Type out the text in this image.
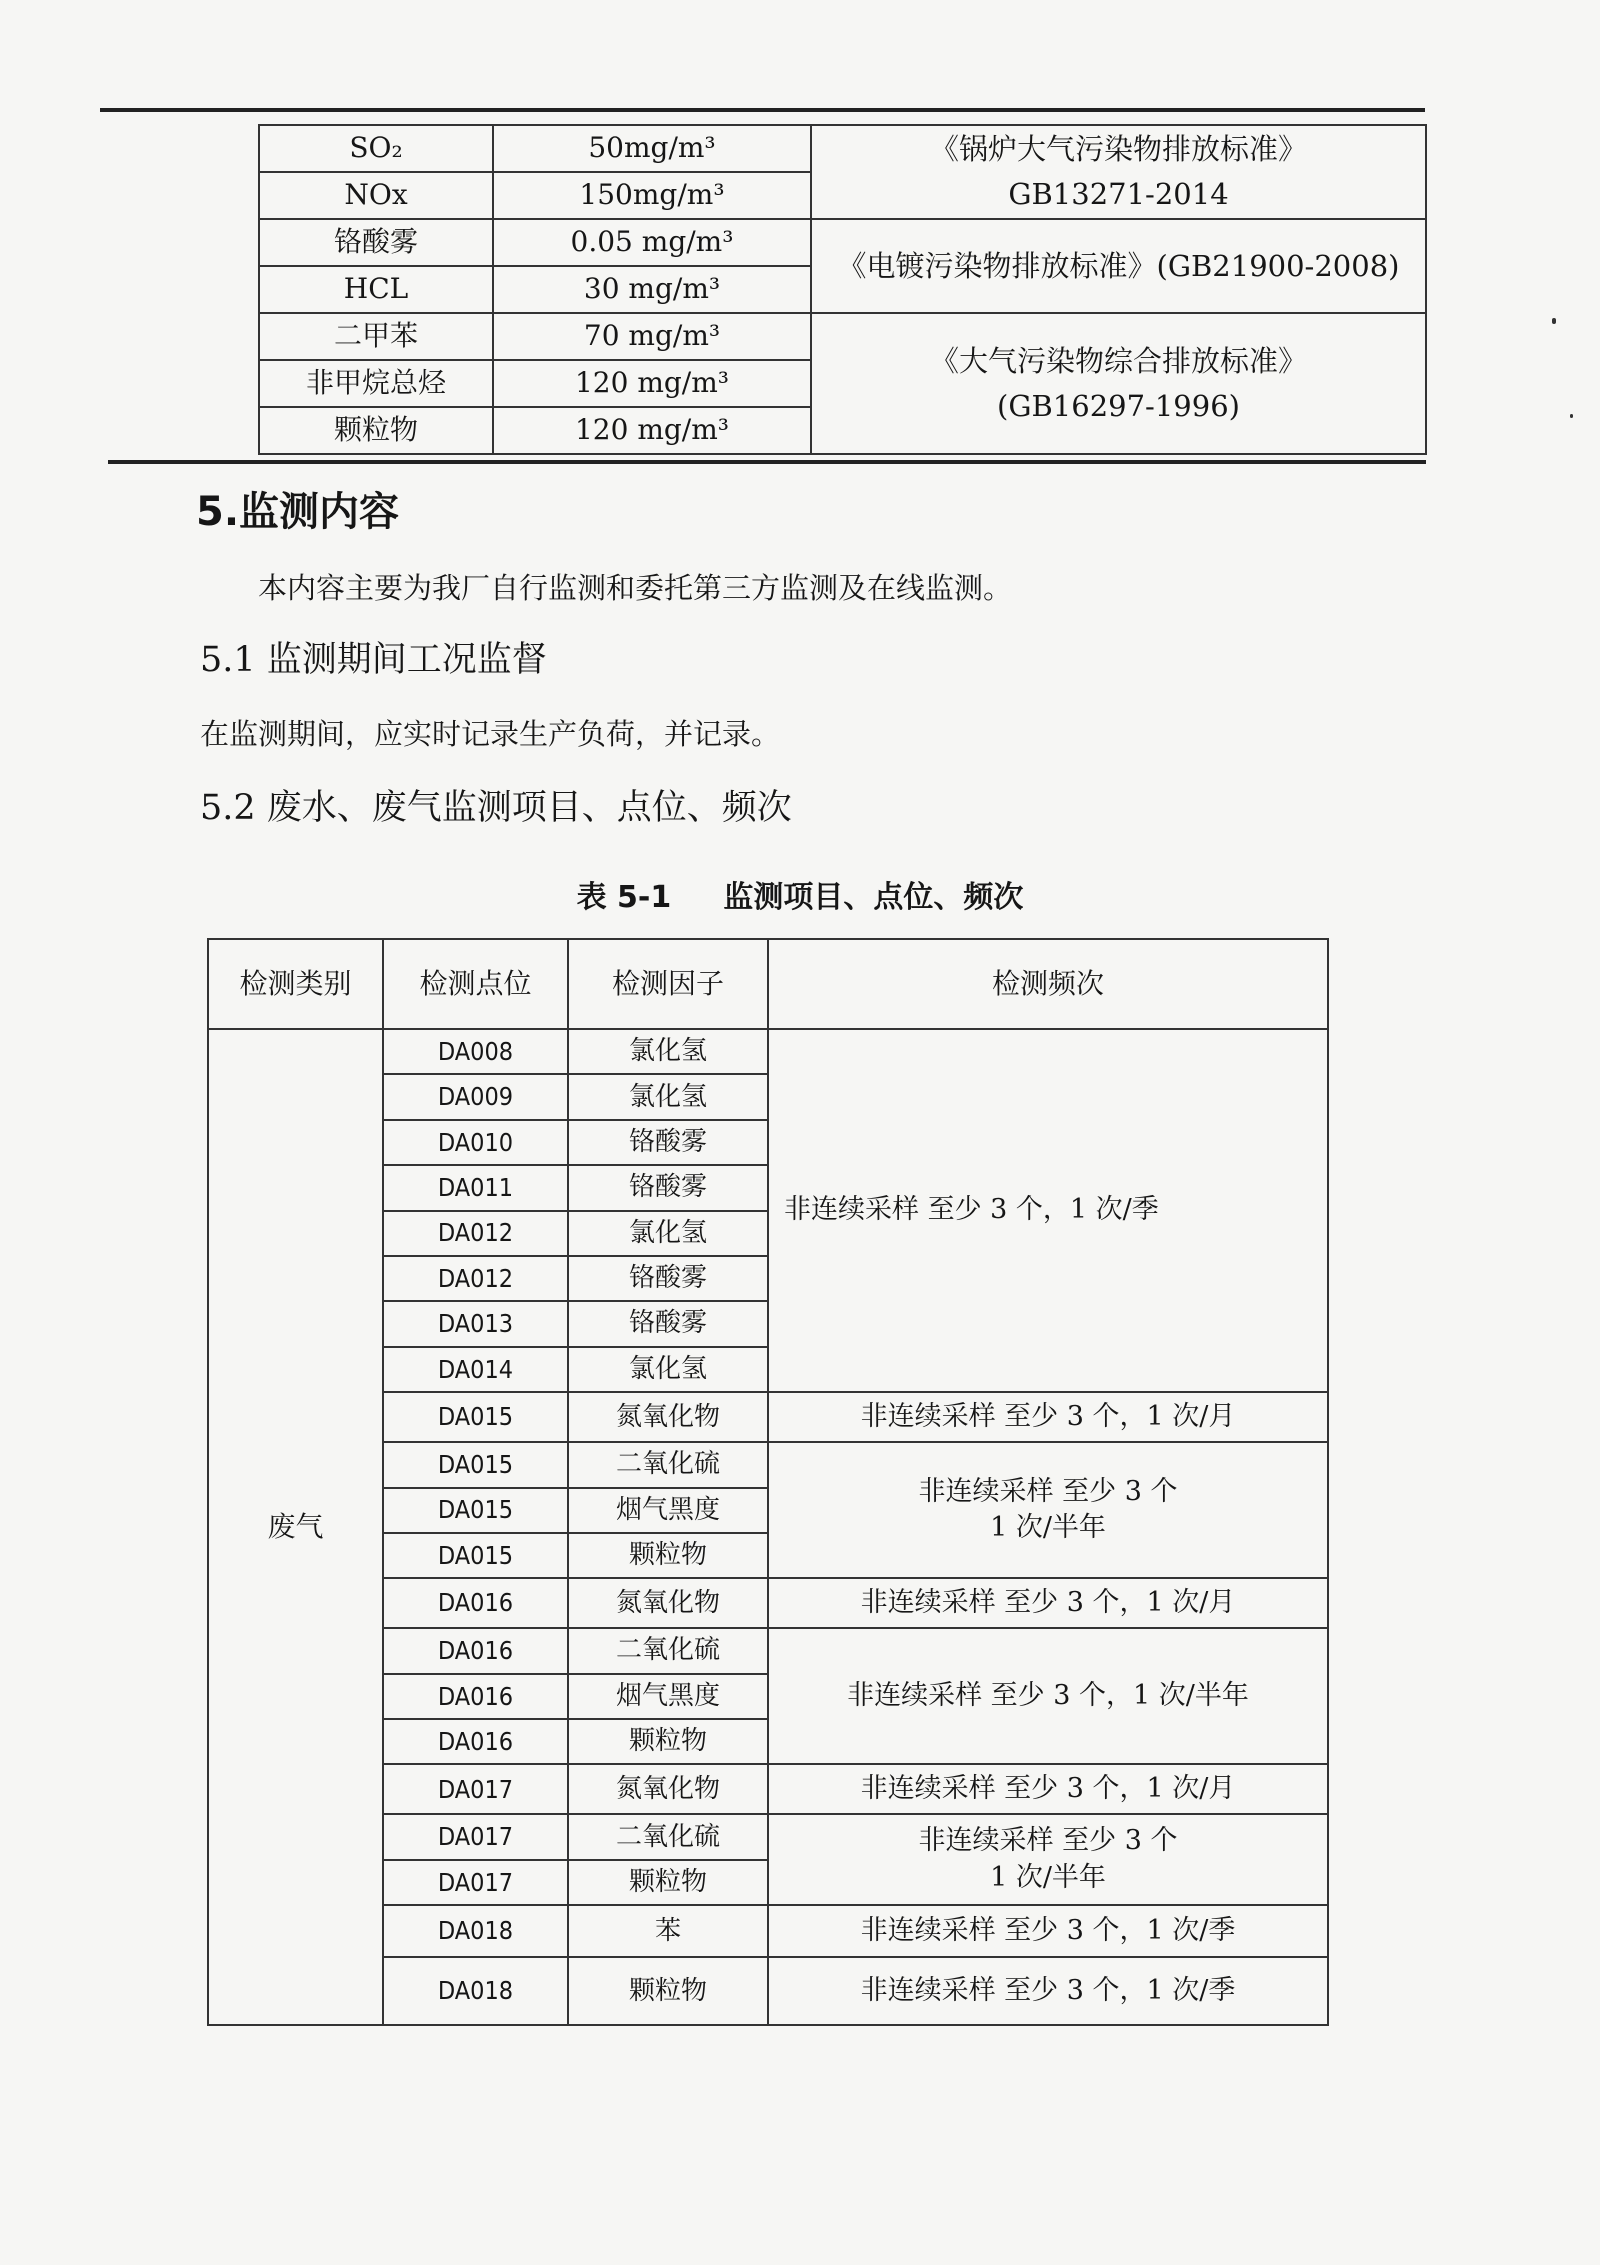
SO₂	50mg/m³	《锅炉大气污染物排放标准》
GB13271-2014

NOx	150mg/m³	
铬酸雾	0.05 mg/m³	《电镀污染物排放标准》(GB21900-2008)

HCL	30 mg/m³	
二甲苯	70 mg/m³	《大气污染物综合排放标准》
(GB16297-1996)

非甲烷总烃	120 mg/m³	
颗粒物	120 mg/m³	
5.监测内容
本内容主要为我厂自行监测和委托第三方监测及在线监测。
5.1 监测期间工况监督
在监测期间，应实时记录生产负荷，并记录。
5.2 废水、废气监测项目、点位、频次
表 5-1     监测项目、点位、频次
检测类别	检测点位	检测因子	检测频次
废气	DA008	氯化氢	非连续采样 至少 3 个，1 次/季
	DA009	氯化氢	
	DA010	铬酸雾	
	DA011	铬酸雾	
	DA012	氯化氢	
	DA012	铬酸雾	
	DA013	铬酸雾	
	DA014	氯化氢	
	DA015	氮氧化物	非连续采样 至少 3 个，1 次/月
	DA015	二氧化硫	非连续采样 至少 3 个
1 次/半年

	DA015	烟气黑度	
	DA015	颗粒物	
	DA016	氮氧化物	非连续采样 至少 3 个，1 次/月
	DA016	二氧化硫	非连续采样 至少 3 个，1 次/半年
	DA016	烟气黑度	
	DA016	颗粒物	
	DA017	氮氧化物	非连续采样 至少 3 个，1 次/月
	DA017	二氧化硫	非连续采样 至少 3 个
1 次/半年

	DA017	颗粒物	
	DA018	苯	非连续采样 至少 3 个，1 次/季
	DA018	颗粒物	非连续采样 至少 3 个，1 次/季
